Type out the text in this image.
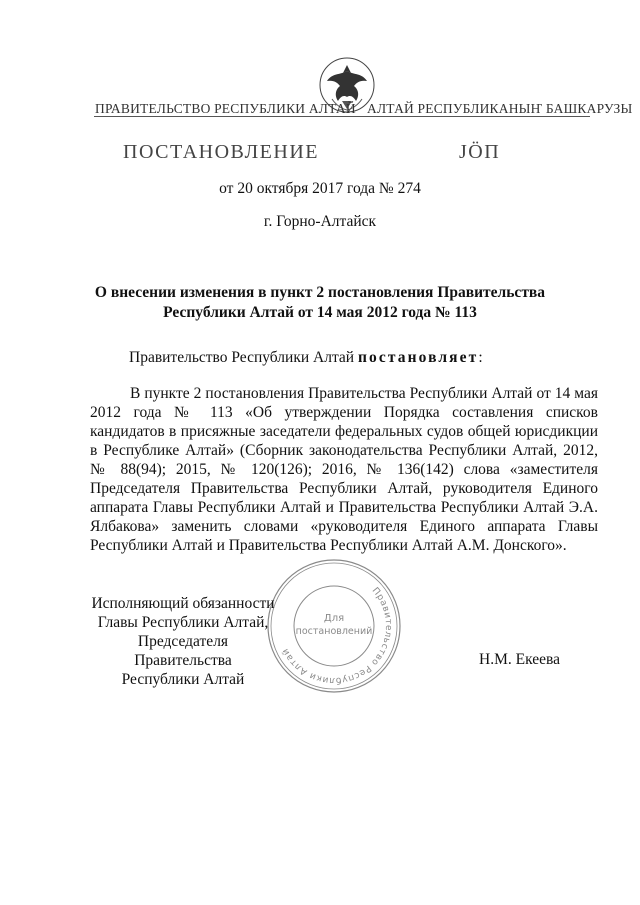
ПРАВИТЕЛЬСТВО РЕСПУБЛИКИ АЛТАЙ АЛТАЙ РЕСПУБЛИКАНЫҤ БАШКАРУЗЫ
ПОСТАНОВЛЕНИЕ	JÖП
от 20 октября 2017 года № 274
г. Горно-Алтайск
О внесении изменения в пункт 2 постановления Правительства
Республики Алтай от 14 мая 2012 года № 113
Правительство Республики Алтай постановляет:
В пункте 2 постановления Правительства Республики Алтай от 14 мая 2012 года № 113 «Об утверждении Порядка составления списков кандидатов в присяжные заседатели федеральных судов общей юрисдикции в Республике Алтай» (Сборник законодательства Республики Алтай, 2012, № 88(94); 2015, № 120(126); 2016, № 136(142) слова «заместителя Председателя Правительства Республики Алтай, руководителя Единого аппарата Главы Республики Алтай и Правительства Республики Алтай Э.А. Ялбакова» заменить словами «руководителя Единого аппарата Главы Республики Алтай и Правительства Республики Алтай А.М. Донского».
Правительство Республики Алтай
Для
постановлений
Исполняющий обязанности
Главы Республики Алтай,
Председателя Правительства
Республики Алтай
Н.М. Екеева
